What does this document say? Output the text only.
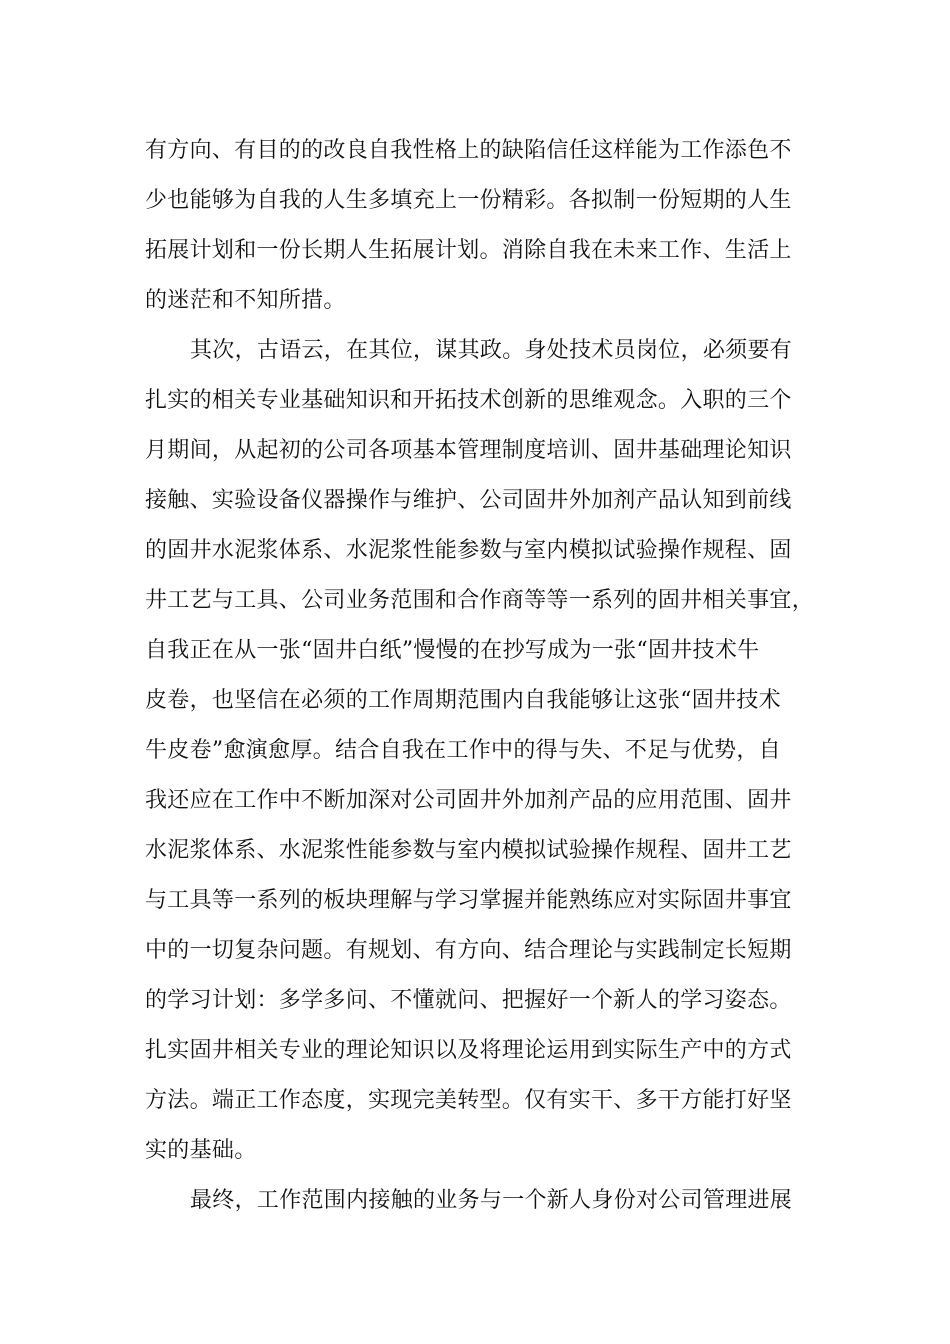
有方向、有目的的改良自我性格上的缺陷信任这样能为工作添色不
少也能够为自我的人生多填充上一份精彩。各拟制一份短期的人生
拓展计划和一份长期人生拓展计划。消除自我在未来工作、生活上
的迷茫和不知所措。
其次，古语云，在其位，谋其政。身处技术员岗位，必须要有
扎实的相关专业基础知识和开拓技术创新的思维观念。入职的三个
月期间，从起初的公司各项基本管理制度培训、固井基础理论知识
接触、实验设备仪器操作与维护、公司固井外加剂产品认知到前线
的固井水泥浆体系、水泥浆性能参数与室内模拟试验操作规程、固
井工艺与工具、公司业务范围和合作商等等一系列的固井相关事宜，
自我正在从一张“固井白纸”慢慢的在抄写成为一张“固井技术牛
皮卷，也坚信在必须的工作周期范围内自我能够让这张“固井技术
牛皮卷”愈演愈厚。结合自我在工作中的得与失、不足与优势，自
我还应在工作中不断加深对公司固井外加剂产品的应用范围、固井
水泥浆体系、水泥浆性能参数与室内模拟试验操作规程、固井工艺
与工具等一系列的板块理解与学习掌握并能熟练应对实际固井事宜
中的一切复杂问题。有规划、有方向、结合理论与实践制定长短期
的学习计划：多学多问、不懂就问、把握好一个新人的学习姿态。
扎实固井相关专业的理论知识以及将理论运用到实际生产中的方式
方法。端正工作态度，实现完美转型。仅有实干、多干方能打好坚
实的基础。
最终，工作范围内接触的业务与一个新人身份对公司管理进展
